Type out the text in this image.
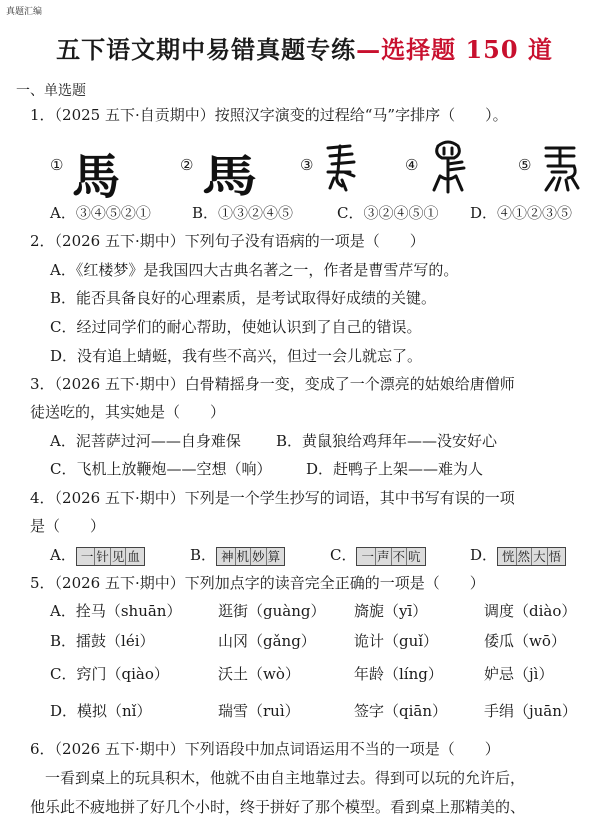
真题汇编
五下语文期中易错真题专练—选择题 150 道
一、单选题
1．（2025 五下·自贡期中）按照汉字演变的过程给“马”字排序（　　）。
① 馬	② 馬	③	④	⑤
A．③④⑤②①	B．①③②④⑤	C．③②④⑤① D．④①②③⑤
2．（2026 五下·期中）下列句子没有语病的一项是（　　）
A．《红楼梦》是我国四大古典名著之一，作者是曹雪芹写的。
B．能否具备良好的心理素质，是考试取得好成绩的关键。
C．经过同学们的耐心帮助，使她认识到了自己的错误。
D．没有追上蜻蜓，我有些不高兴，但过一会儿就忘了。
3．（2026 五下·期中）白骨精摇身一变，变成了一个漂亮的姑娘给唐僧师
徒送吃的，其实她是（　　）
A．泥菩萨过河——自身难保 B．黄鼠狼给鸡拜年——没安好心
C．飞机上放鞭炮——空想（响） D．赶鸭子上架——难为人
4．（2026 五下·期中）下列是一个学生抄写的词语，其中书写有误的一项
是（　　）
A． 一 针 见 血	B． 神 机 妙 算	C． 一 声 不 吭	D． 恍 然 大 悟
5．（2026 五下·期中）下列加点字的读音完全正确的一项是（　　）
A．拴马（shuān） 逛街（guàng） 旖旎（yī）	调度（diào）
B．擂鼓（léi）	山冈（gǎng）	诡计（guǐ）	倭瓜（wō）
C．窍门（qiào）	沃土（wò）	年龄（líng）	妒忌（jì）
D．模拟（nǐ）	瑞雪（ruì）	签字（qiān） 手绢（juān）
6．（2026 五下·期中）下列语段中加点词语运用不当的一项是（　　）
　一看到桌上的玩具积木，他就不由自主地靠过去。得到可以玩的允许后，
他乐此不疲地拼了好几个小时，终于拼好了那个模型。看到桌上那精美的、
